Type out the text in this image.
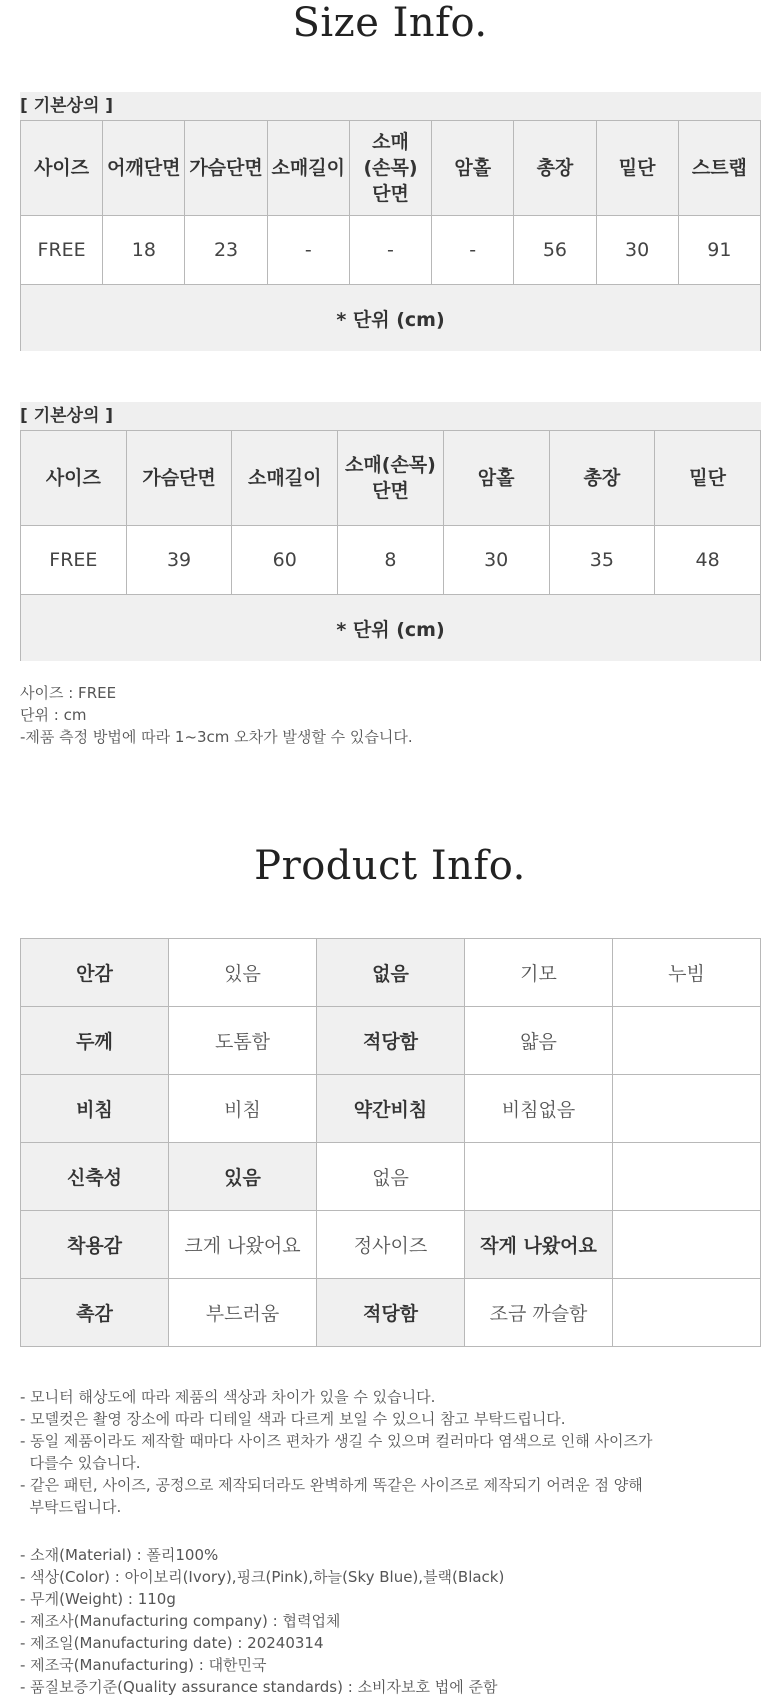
Size Info.
[ 기본상의 ]
사이즈	어깨단면	가슴단면	소매길이	소매(손목)단면	암홀	총장	밑단	스트랩
FREE	18	23	-	-	-	56	30	91
* 단위 (cm)								
[ 기본상의 ]
사이즈	가슴단면	소매길이	소매(손목)단면	암홀	총장	밑단
FREE	39	60	8	30	35	48
* 단위 (cm)						
사이즈 : FREE
단위 : cm
-제품 측정 방법에 따라 1~3cm 오차가 발생할 수 있습니다.
Product Info.
안감	있음	없음	기모	누빔
두께	도톰함	적당함	얇음	
비침	비침	약간비침	비침없음	
신축성	있음	없음		
착용감	크게 나왔어요	정사이즈	작게 나왔어요	
촉감	부드러움	적당함	조금 까슬함	
- 모니터 해상도에 따라 제품의 색상과 차이가 있을 수 있습니다.
- 모델컷은 촬영 장소에 따라 디테일 색과 다르게 보일 수 있으니 참고 부탁드립니다.
- 동일 제품이라도 제작할 때마다 사이즈 편차가 생길 수 있으며 컬러마다 염색으로 인해 사이즈가
다를수 있습니다.
- 같은 패턴, 사이즈, 공정으로 제작되더라도 완벽하게 똑같은 사이즈로 제작되기 어려운 점 양해
부탁드립니다.
- 소재(Material) : 폴리100%
- 색상(Color) : 아이보리(Ivory),핑크(Pink),하늘(Sky Blue),블랙(Black)
- 무게(Weight) : 110g
- 제조사(Manufacturing company) : 협력업체
- 제조일(Manufacturing date) : 20240314
- 제조국(Manufacturing) : 대한민국
- 품질보증기준(Quality assurance standards) : 소비자보호 법에 준함
